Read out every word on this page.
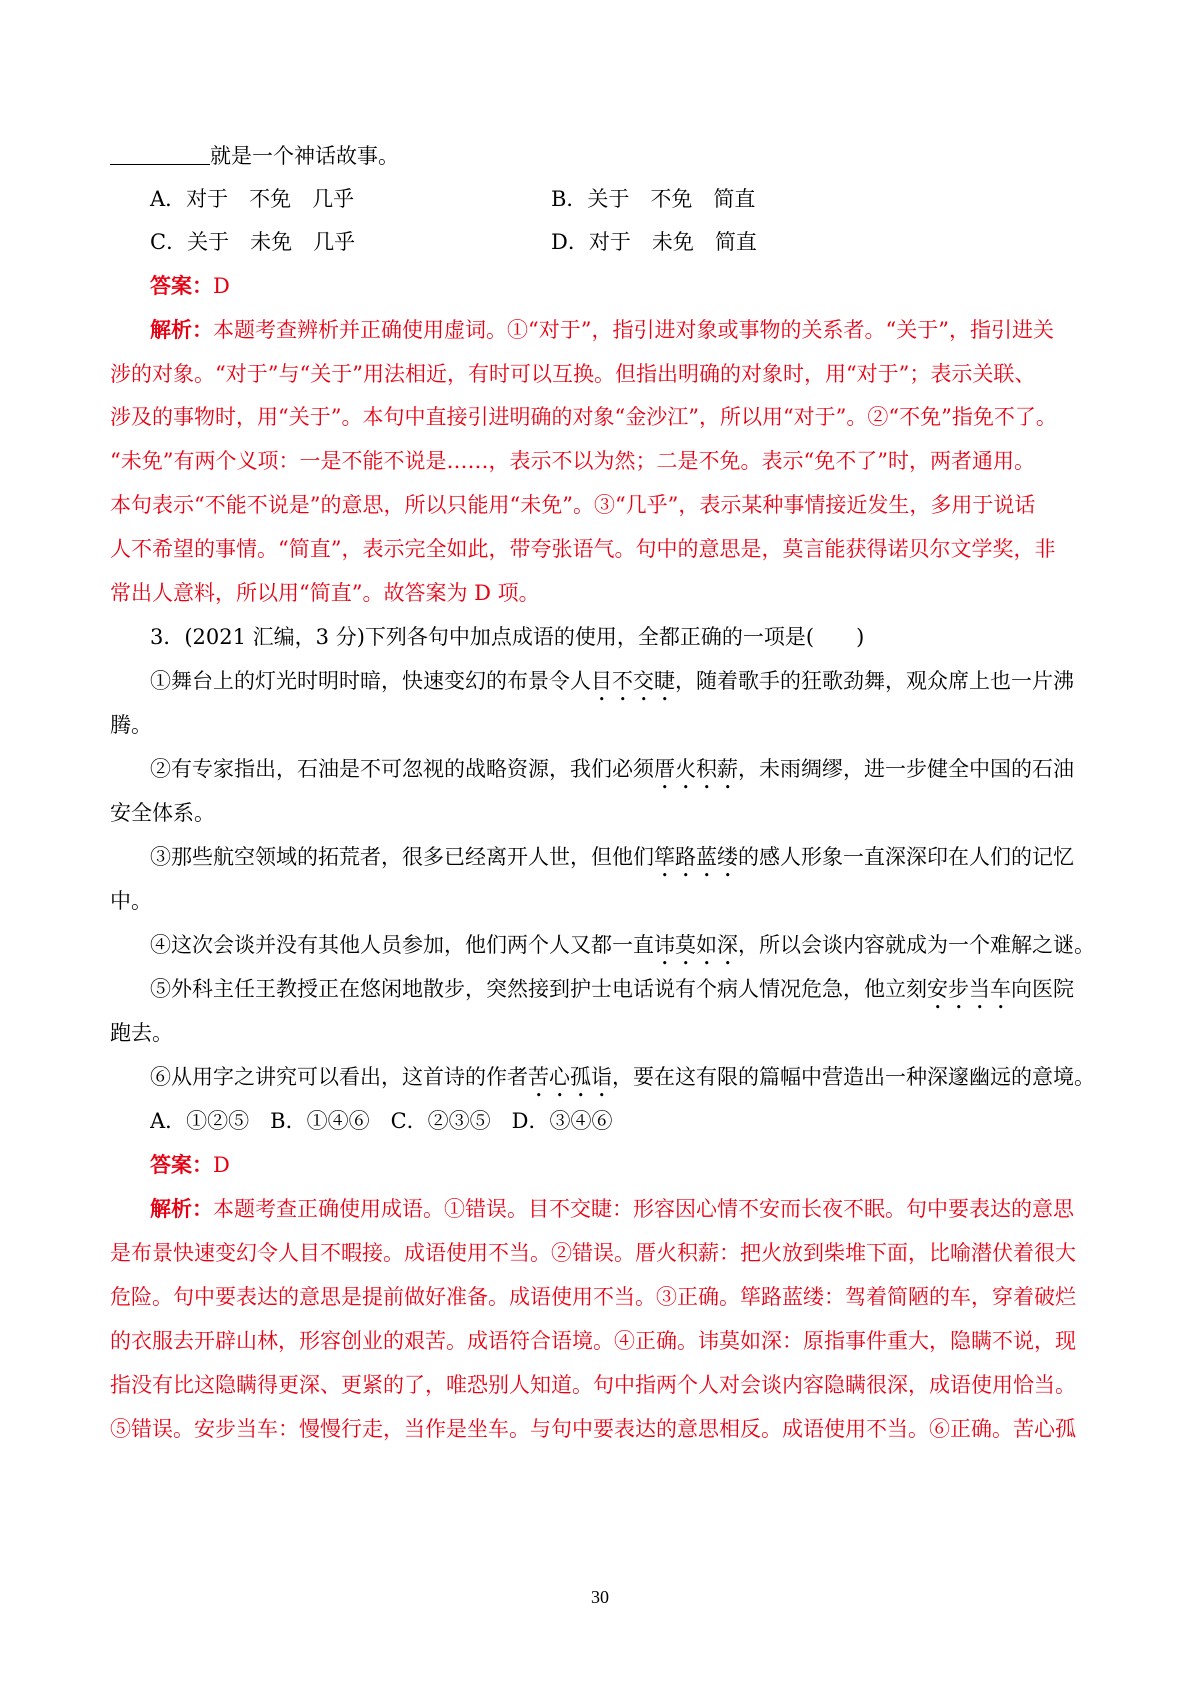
就是一个神话故事。
A．对于　不免　几乎	B．关于　不免　简直
C．关于　未免　几乎	D．对于　未免　简直
答案：D
解析：本题考查辨析并正确使用虚词。①“对于”，指引进对象或事物的关系者。“关于”，指引进关
涉的对象。“对于”与“关于”用法相近，有时可以互换。但指出明确的对象时，用“对于”；表示关联、
涉及的事物时，用“关于”。本句中直接引进明确的对象“金沙江”，所以用“对于”。②“不免”指免不了。
“未免”有两个义项：一是不能不说是……，表示不以为然；二是不免。表示“免不了”时，两者通用。
本句表示“不能不说是”的意思，所以只能用“未免”。③“几乎”，表示某种事情接近发生，多用于说话
人不希望的事情。“简直”，表示完全如此，带夸张语气。句中的意思是，莫言能获得诺贝尔文学奖，非
常出人意料，所以用“简直”。故答案为 D 项。
3．(2021 汇编，3 分)下列各句中加点成语的使用，全都正确的一项是(　　)
①舞台上的灯光时明时暗，快速变幻的布景令人目不交睫，随着歌手的狂歌劲舞，观众席上也一片沸
腾。
②有专家指出，石油是不可忽视的战略资源，我们必须厝火积薪，未雨绸缪，进一步健全中国的石油
安全体系。
③那些航空领域的拓荒者，很多已经离开人世，但他们筚路蓝缕的感人形象一直深深印在人们的记忆
中。
④这次会谈并没有其他人员参加，他们两个人又都一直讳莫如深，所以会谈内容就成为一个难解之谜。
⑤外科主任王教授正在悠闲地散步，突然接到护士电话说有个病人情况危急，他立刻安步当车向医院
跑去。
⑥从用字之讲究可以看出，这首诗的作者苦心孤诣，要在这有限的篇幅中营造出一种深邃幽远的意境。
A．①②⑤　B．①④⑥　C．②③⑤　D．③④⑥
答案：D
解析：本题考查正确使用成语。①错误。目不交睫：形容因心情不安而长夜不眠。句中要表达的意思
是布景快速变幻令人目不暇接。成语使用不当。②错误。厝火积薪：把火放到柴堆下面，比喻潜伏着很大
危险。句中要表达的意思是提前做好准备。成语使用不当。③正确。筚路蓝缕：驾着简陋的车，穿着破烂
的衣服去开辟山林，形容创业的艰苦。成语符合语境。④正确。讳莫如深：原指事件重大，隐瞒不说，现
指没有比这隐瞒得更深、更紧的了，唯恐别人知道。句中指两个人对会谈内容隐瞒很深，成语使用恰当。
⑤错误。安步当车：慢慢行走，当作是坐车。与句中要表达的意思相反。成语使用不当。⑥正确。苦心孤
30
